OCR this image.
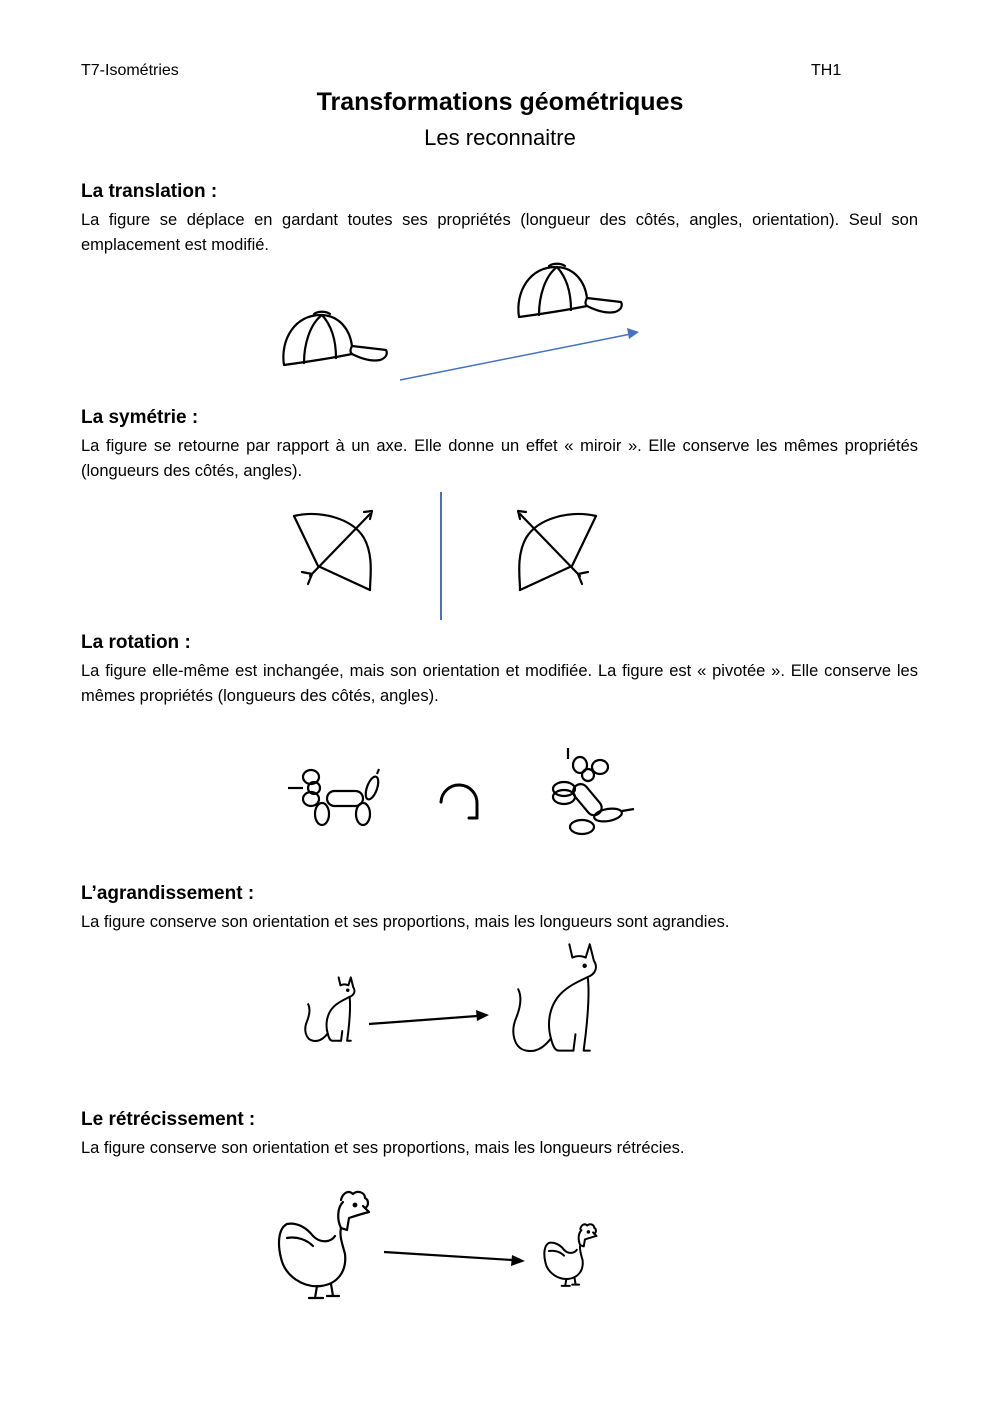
T7-Isométries	TH1
Transformations géométriques
Les reconnaitre
La translation :
La figure se déplace en gardant toutes ses propriétés (longueur des côtés, angles, orientation). Seul son emplacement est modifié.
La symétrie :
La figure se retourne par rapport à un axe. Elle donne un effet « miroir ». Elle conserve les mêmes propriétés (longueurs des côtés, angles).
La rotation :
La figure elle-même est inchangée, mais son orientation et modifiée. La figure est « pivotée ». Elle conserve les mêmes propriétés (longueurs des côtés, angles).
L’agrandissement :
La figure conserve son orientation et ses proportions, mais les longueurs sont agrandies.
Le rétrécissement :
La figure conserve son orientation et ses proportions, mais les longueurs rétrécies.
